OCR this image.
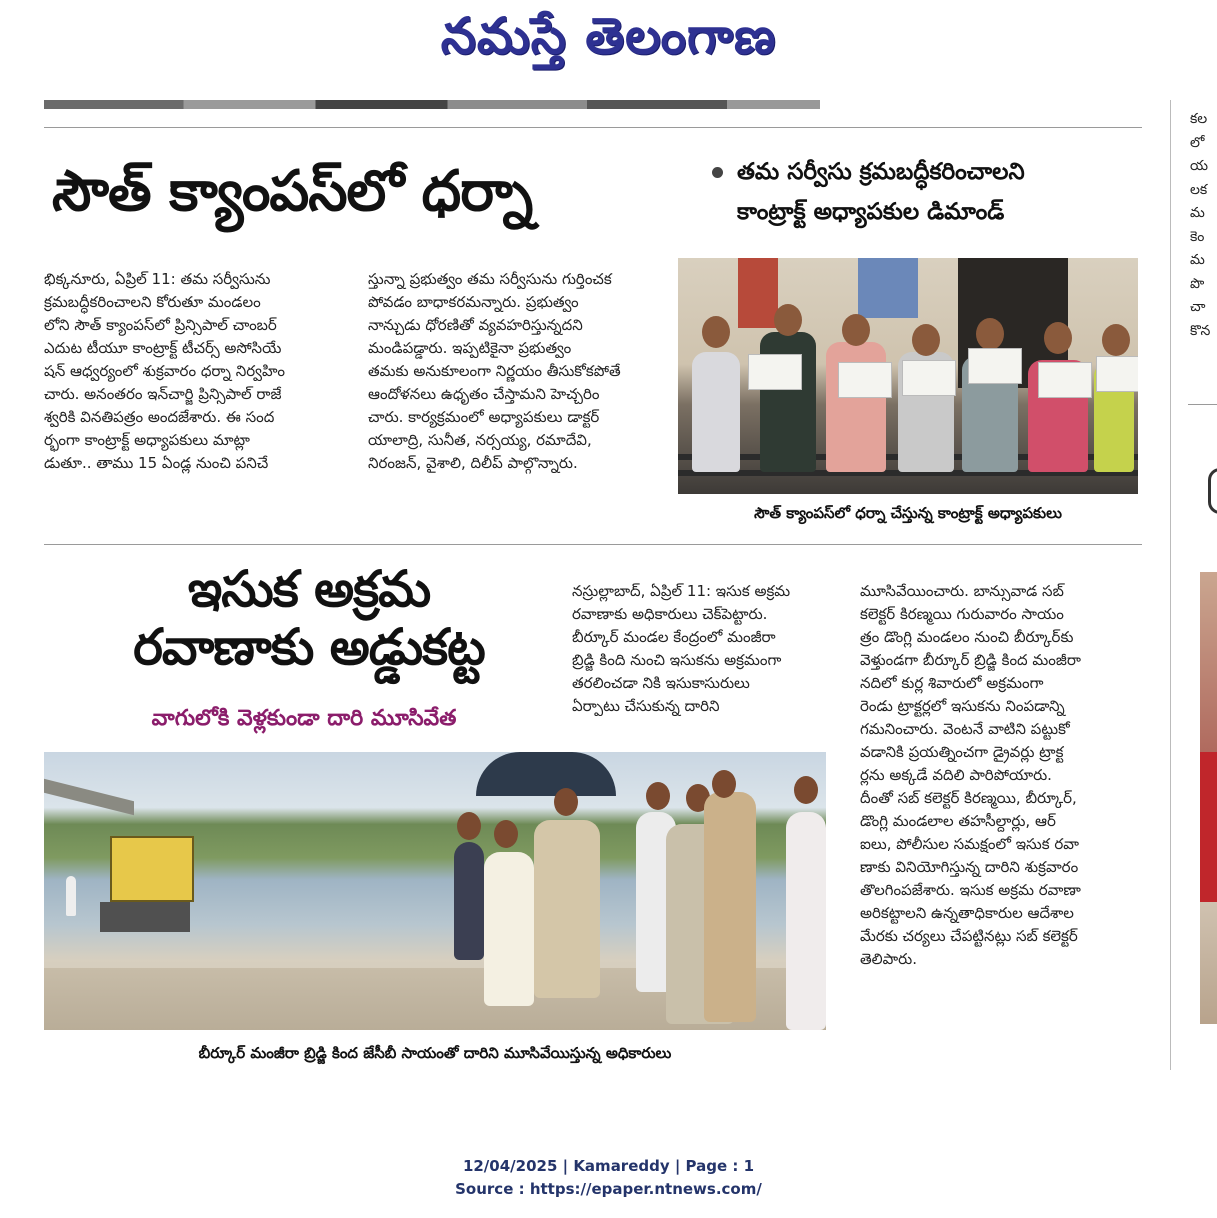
నమస్తే తెలంగాణ
సౌత్ క్యాంపస్‌లో ధర్నా	తమ సర్వీసు క్రమబద్ధీకరించాలని
కాంట్రాక్ట్ అధ్యాపకుల డిమాండ్

భిక్కనూరు, ఏప్రిల్ 11: తమ సర్వీసును

క్రమబద్ధీకరించాలని కోరుతూ మండలం

లోని సౌత్ క్యాంపస్‌లో ప్రిన్సిపాల్ చాంబర్

ఎదుట టీయూ కాంట్రాక్ట్ టీచర్స్ అసోసియే

షన్ ఆధ్వర్యంలో శుక్రవారం ధర్నా నిర్వహిం

చారు. అనంతరం ఇన్‌చార్జి ప్రిన్సిపాల్ రాజే

శ్వరికి వినతిపత్రం అందజేశారు. ఈ సంద

ర్భంగా కాంట్రాక్ట్ అధ్యాపకులు మాట్లా

డుతూ.. తాము 15 ఏండ్ల నుంచి పనిచే

స్తున్నా ప్రభుత్వం తమ సర్వీసును గుర్తించక

పోవడం బాధాకరమన్నారు. ప్రభుత్వం

నాన్చుడు ధోరణితో వ్యవహరిస్తున్నదని

మండిపడ్డారు. ఇప్పటికైనా ప్రభుత్వం

తమకు అనుకూలంగా నిర్ణయం తీసుకోకపోతే

ఆందోళనలు ఉధృతం చేస్తామని హెచ్చరిం

చారు. కార్యక్రమంలో అధ్యాపకులు డాక్టర్

యాలాద్రి, సునీత, నర్సయ్య, రమాదేవి,

నిరంజన్, వైశాలి, దిలీప్ పాల్గొన్నారు.

సౌత్ క్యాంపస్‌లో ధర్నా చేస్తున్న కాంట్రాక్ట్ అధ్యాపకులు
ఇసుక అక్రమ
రవాణాకు అడ్డుకట్ట
వాగులోకి వెళ్లకుండా దారి మూసివేత

నస్రుల్లాబాద్, ఏప్రిల్ 11: ఇసుక అక్రమ

రవాణాకు అధికారులు చెక్‌పెట్టారు.

బీర్కూర్ మండల కేంద్రంలో మంజీరా

బ్రిడ్జి కింది నుంచి ఇసుకను అక్రమంగా

తరలించడా నికి ఇసుకాసురులు

ఏర్పాటు చేసుకున్న దారిని

మూసివేయించారు. బాన్సువాడ సబ్

కలెక్టర్ కిరణ్మయి గురువారం సాయం

త్రం డొంగ్లి మండలం నుంచి బీర్కూర్‌కు

వెళ్తుండగా బీర్కూర్ బ్రిడ్జి కింద మంజీరా

నదిలో కుర్ల శివారులో అక్రమంగా

రెండు ట్రాక్టర్లలో ఇసుకను నింపడాన్ని

గమనించారు. వెంటనే వాటిని పట్టుకో

వడానికి ప్రయత్నించగా డ్రైవర్లు ట్రాక్ట

ర్లను అక్కడే వదిలి పారిపోయారు.

దీంతో సబ్ కలెక్టర్ కిరణ్మయి, బీర్కూర్,

డొంగ్లి మండలాల తహసీల్దార్లు, ఆర్

ఐలు, పోలీసుల సమక్షంలో ఇసుక రవా

ణాకు వినియోగిస్తున్న దారిని శుక్రవారం

తొలగింపజేశారు. ఇసుక అక్రమ రవాణా

అరికట్టాలని ఉన్నతాధికారుల ఆదేశాల

మేరకు చర్యలు చేపట్టినట్లు సబ్ కలెక్టర్

తెలిపారు.

బీర్కూర్ మంజీరా బ్రిడ్జి కింద జేసీబీ సాయంతో దారిని మూసివేయిస్తున్న అధికారులు
కల
లో
య
లక
మ
కెం
మ
పొ
చా
కొన
12/04/2025 | Kamareddy | Page : 1
Source : https://epaper.ntnews.com/
